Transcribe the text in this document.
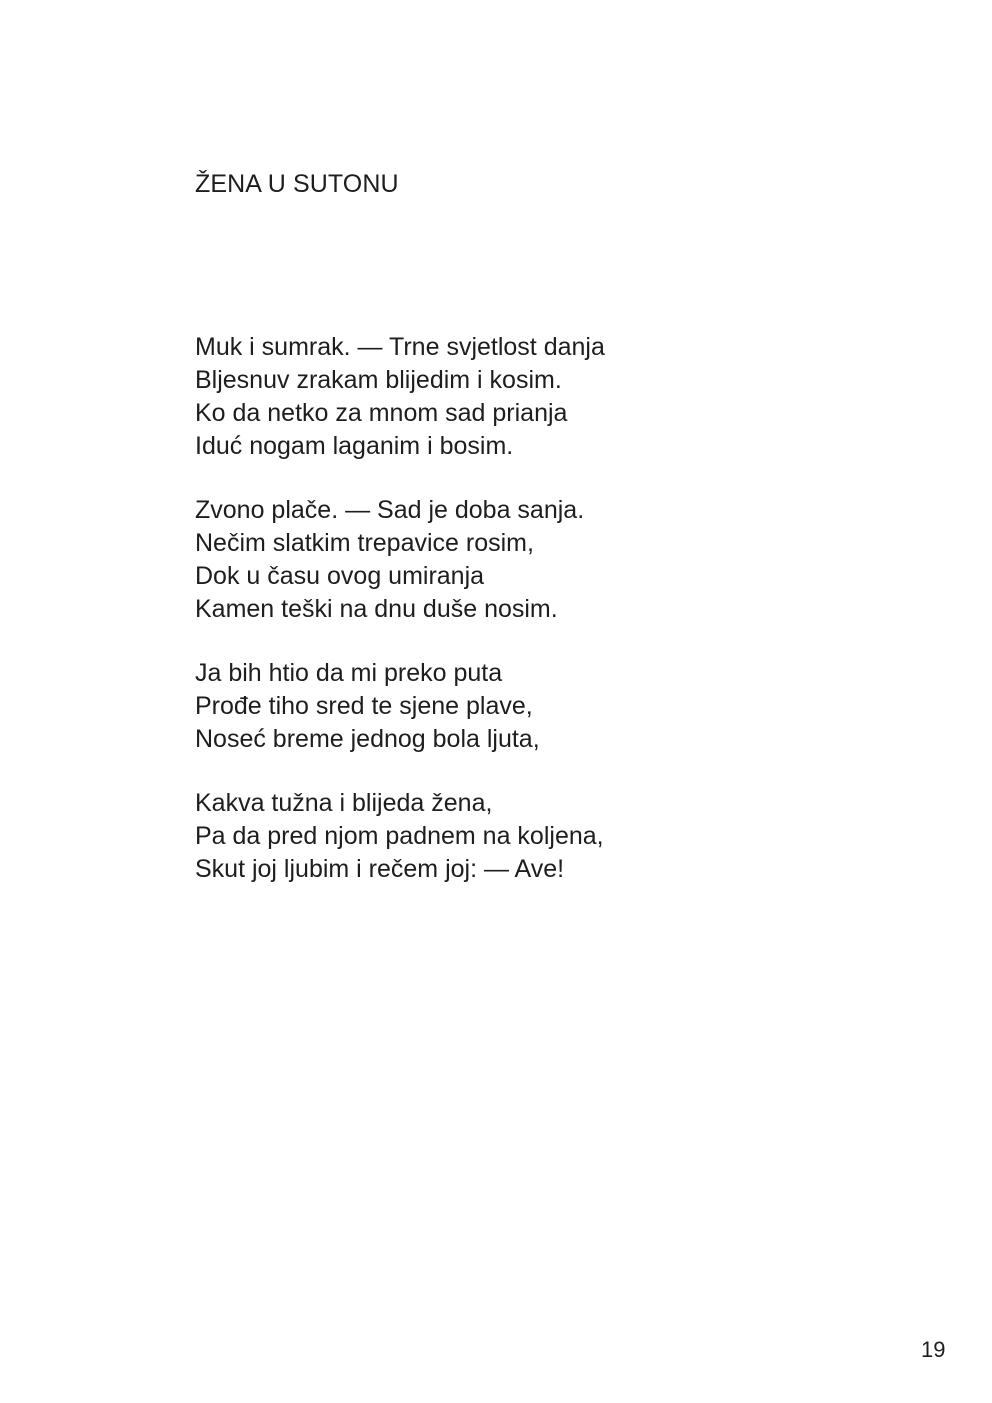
ŽENA U SUTONU
Muk i sumrak. — Trne svjetlost danja
Bljesnuv zrakam blijedim i kosim.
Ko da netko za mnom sad prianja
Iduć nogam laganim i bosim.
Zvono plače. — Sad je doba sanja.
Nečim slatkim trepavice rosim,
Dok u času ovog umiranja
Kamen teški na dnu duše nosim.
Ja bih htio da mi preko puta
Prođe tiho sred te sjene plave,
Noseć breme jednog bola ljuta,
Kakva tužna i blijeda žena,
Pa da pred njom padnem na koljena,
Skut joj ljubim i rečem joj: — Ave!
19
